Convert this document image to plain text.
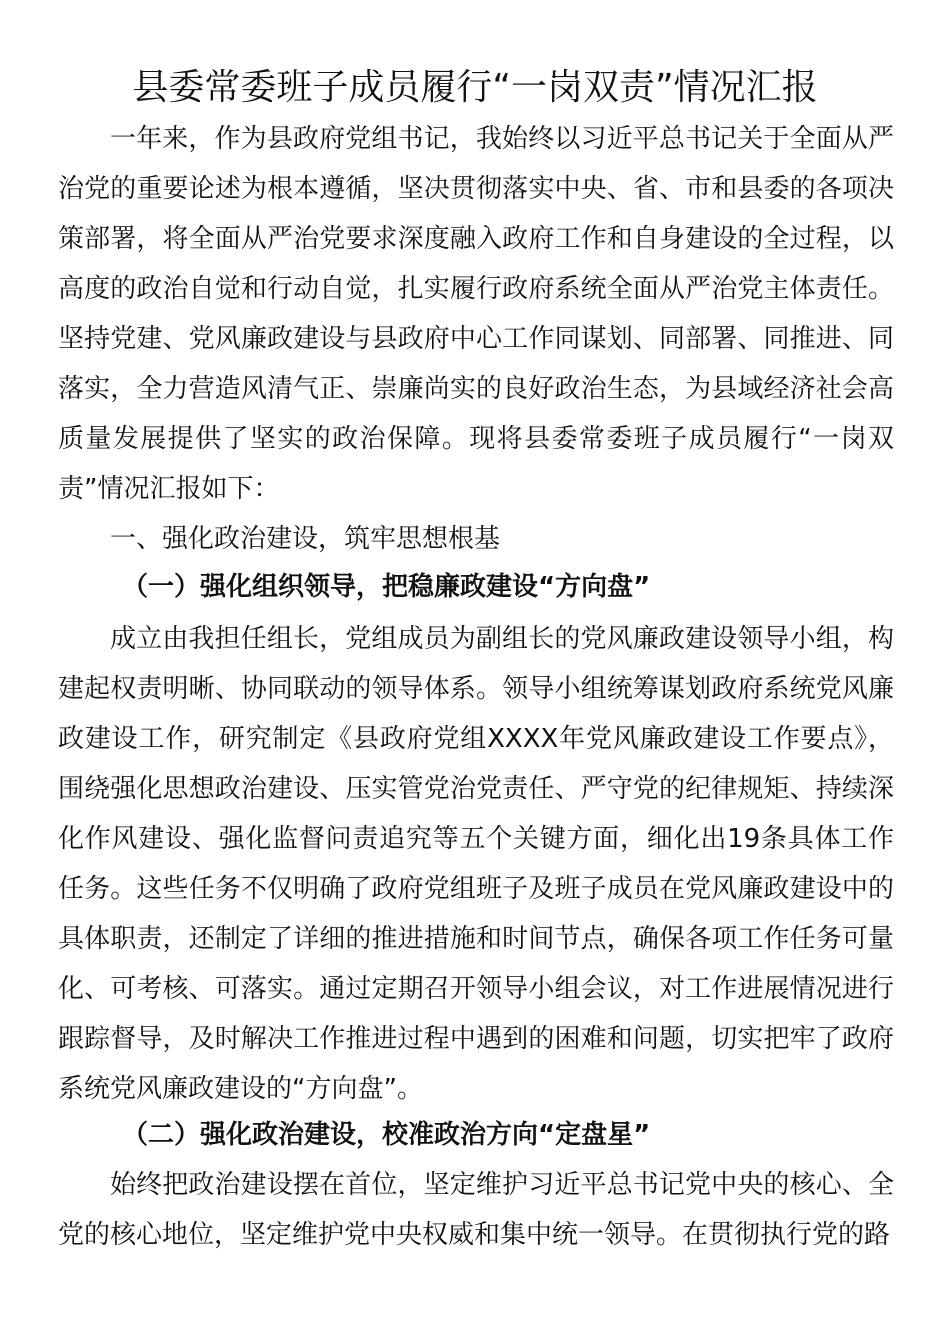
县委常委班子成员履行“一岗双责”情况汇报

一年来，作为县政府党组书记，我始终以习近平总书记关于全面从严治党的重要论述为根本遵循，坚决贯彻落实中央、省、市和县委的各项决策部署，将全面从严治党要求深度融入政府工作和自身建设的全过程，以高度的政治自觉和行动自觉，扎实履行政府系统全面从严治党主体责任。坚持党建、党风廉政建设与县政府中心工作同谋划、同部署、同推进、同落实，全力营造风清气正、崇廉尚实的良好政治生态，为县域经济社会高质量发展提供了坚实的政治保障。现将县委常委班子成员履行“一岗双责”情况汇报如下：

一、强化政治建设，筑牢思想根基

（一）强化组织领导，把稳廉政建设“方向盘”

成立由我担任组长，党组成员为副组长的党风廉政建设领导小组，构建起权责明晰、协同联动的领导体系。领导小组统筹谋划政府系统党风廉政建设工作，研究制定《县政府党组XXXX年党风廉政建设工作要点》，围绕强化思想政治建设、压实管党治党责任、严守党的纪律规矩、持续深化作风建设、强化监督问责追究等五个关键方面，细化出19条具体工作任务。这些任务不仅明确了政府党组班子及班子成员在党风廉政建设中的具体职责，还制定了详细的推进措施和时间节点，确保各项工作任务可量化、可考核、可落实。通过定期召开领导小组会议，对工作进展情况进行跟踪督导，及时解决工作推进过程中遇到的困难和问题，切实把牢了政府系统党风廉政建设的“方向盘”。

（二）强化政治建设，校准政治方向“定盘星”

始终把政治建设摆在首位，坚定维护习近平总书记党中央的核心、全党的核心地位，坚定维护党中央权威和集中统一领导。在贯彻执行党的路
